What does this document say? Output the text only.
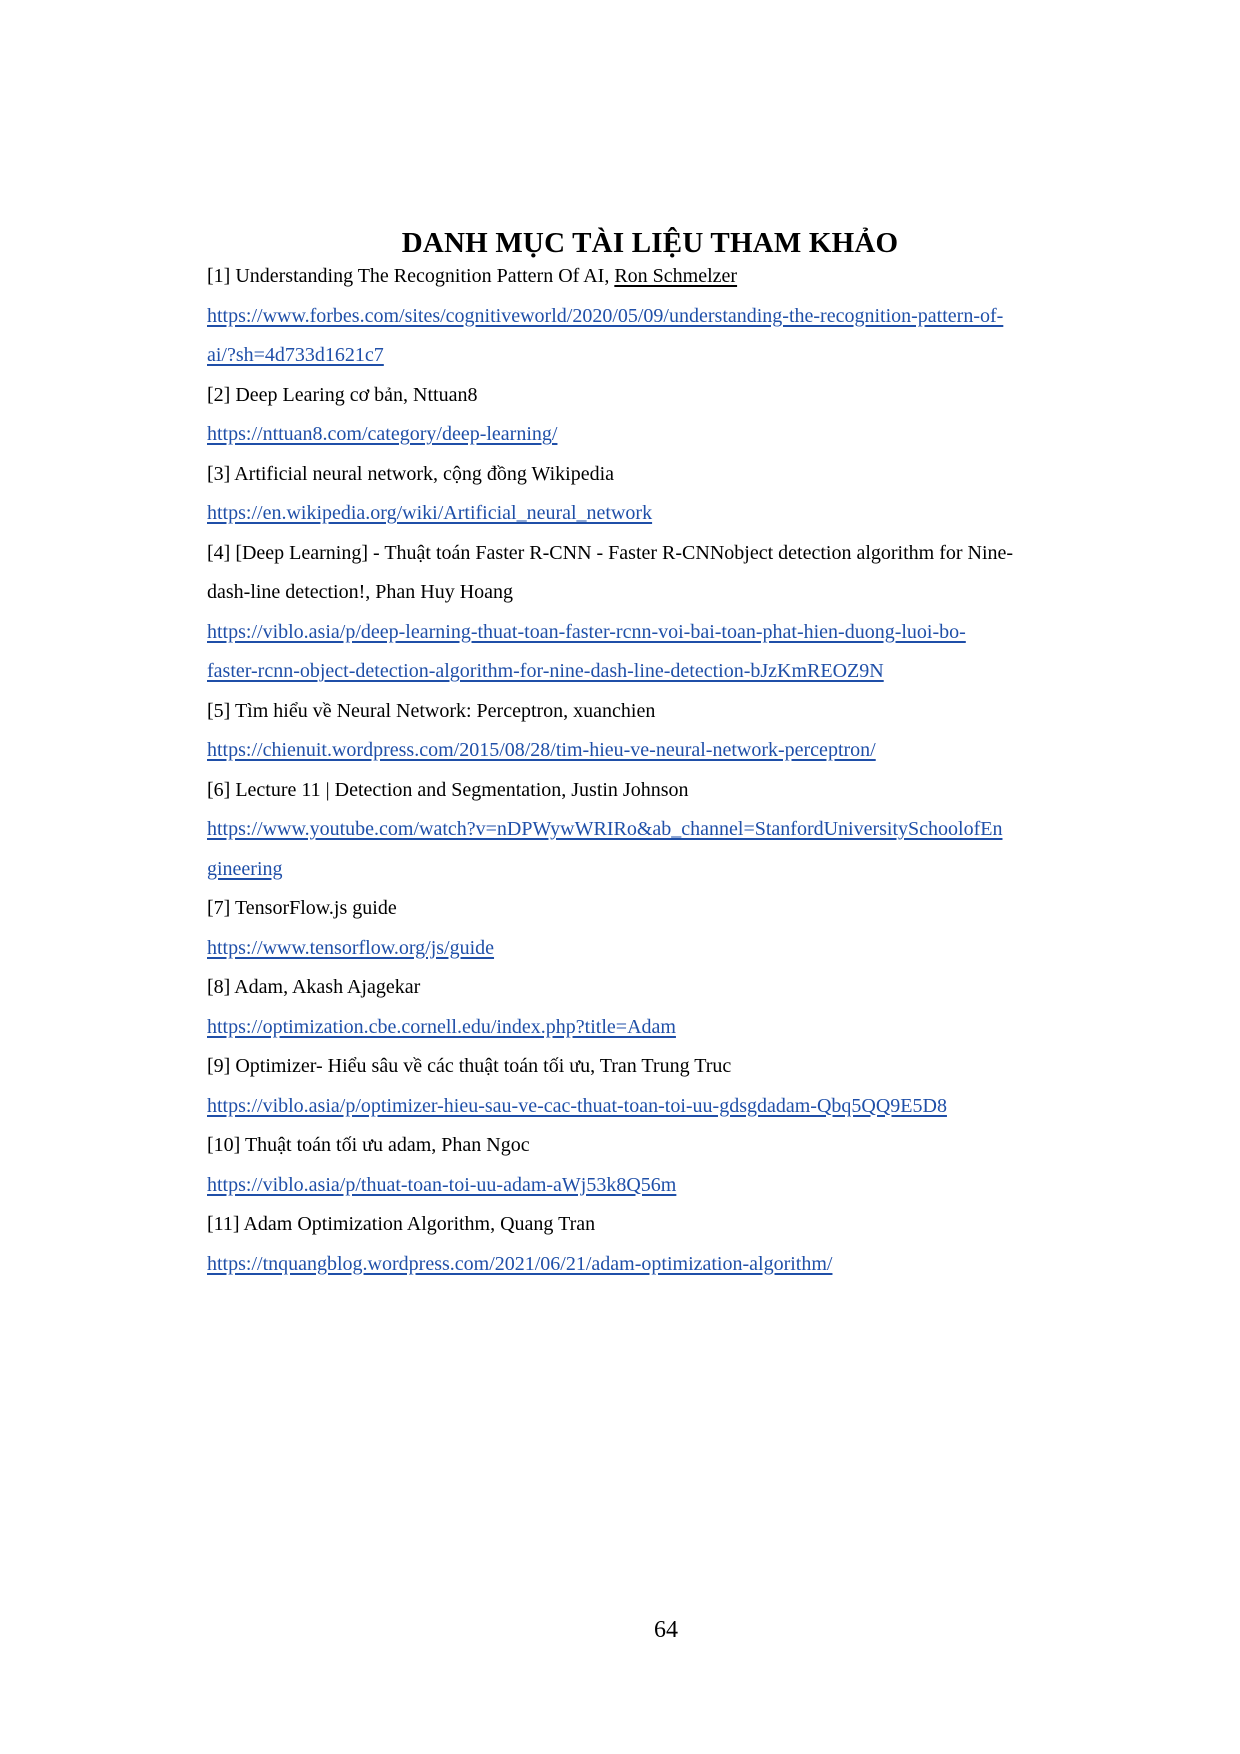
DANH MỤC TÀI LIỆU THAM KHẢO
[1] Understanding The Recognition Pattern Of AI, Ron Schmelzer
https://www.forbes.com/sites/cognitiveworld/2020/05/09/understanding-the-recognition-pattern-of-
ai/?sh=4d733d1621c7
[2] Deep Learing cơ bản, Nttuan8
https://nttuan8.com/category/deep-learning/
[3] Artificial neural network, cộng đồng Wikipedia
https://en.wikipedia.org/wiki/Artificial_neural_network
[4] [Deep Learning] - Thuật toán Faster R-CNN - Faster R-CNNobject detection algorithm for Nine-
dash-line detection!, Phan Huy Hoang
https://viblo.asia/p/deep-learning-thuat-toan-faster-rcnn-voi-bai-toan-phat-hien-duong-luoi-bo-
faster-rcnn-object-detection-algorithm-for-nine-dash-line-detection-bJzKmREOZ9N
[5] Tìm hiểu về Neural Network: Perceptron, xuanchien
https://chienuit.wordpress.com/2015/08/28/tim-hieu-ve-neural-network-perceptron/
[6] Lecture 11 | Detection and Segmentation, Justin Johnson
https://www.youtube.com/watch?v=nDPWywWRIRo&ab_channel=StanfordUniversitySchoolofEn
gineering
[7] TensorFlow.js guide
https://www.tensorflow.org/js/guide
[8] Adam, Akash Ajagekar
https://optimization.cbe.cornell.edu/index.php?title=Adam
[9] Optimizer- Hiểu sâu về các thuật toán tối ưu, Tran Trung Truc
https://viblo.asia/p/optimizer-hieu-sau-ve-cac-thuat-toan-toi-uu-gdsgdadam-Qbq5QQ9E5D8
[10] Thuật toán tối ưu adam, Phan Ngoc
https://viblo.asia/p/thuat-toan-toi-uu-adam-aWj53k8Q56m
[11] Adam Optimization Algorithm, Quang Tran
https://tnquangblog.wordpress.com/2021/06/21/adam-optimization-algorithm/
64
